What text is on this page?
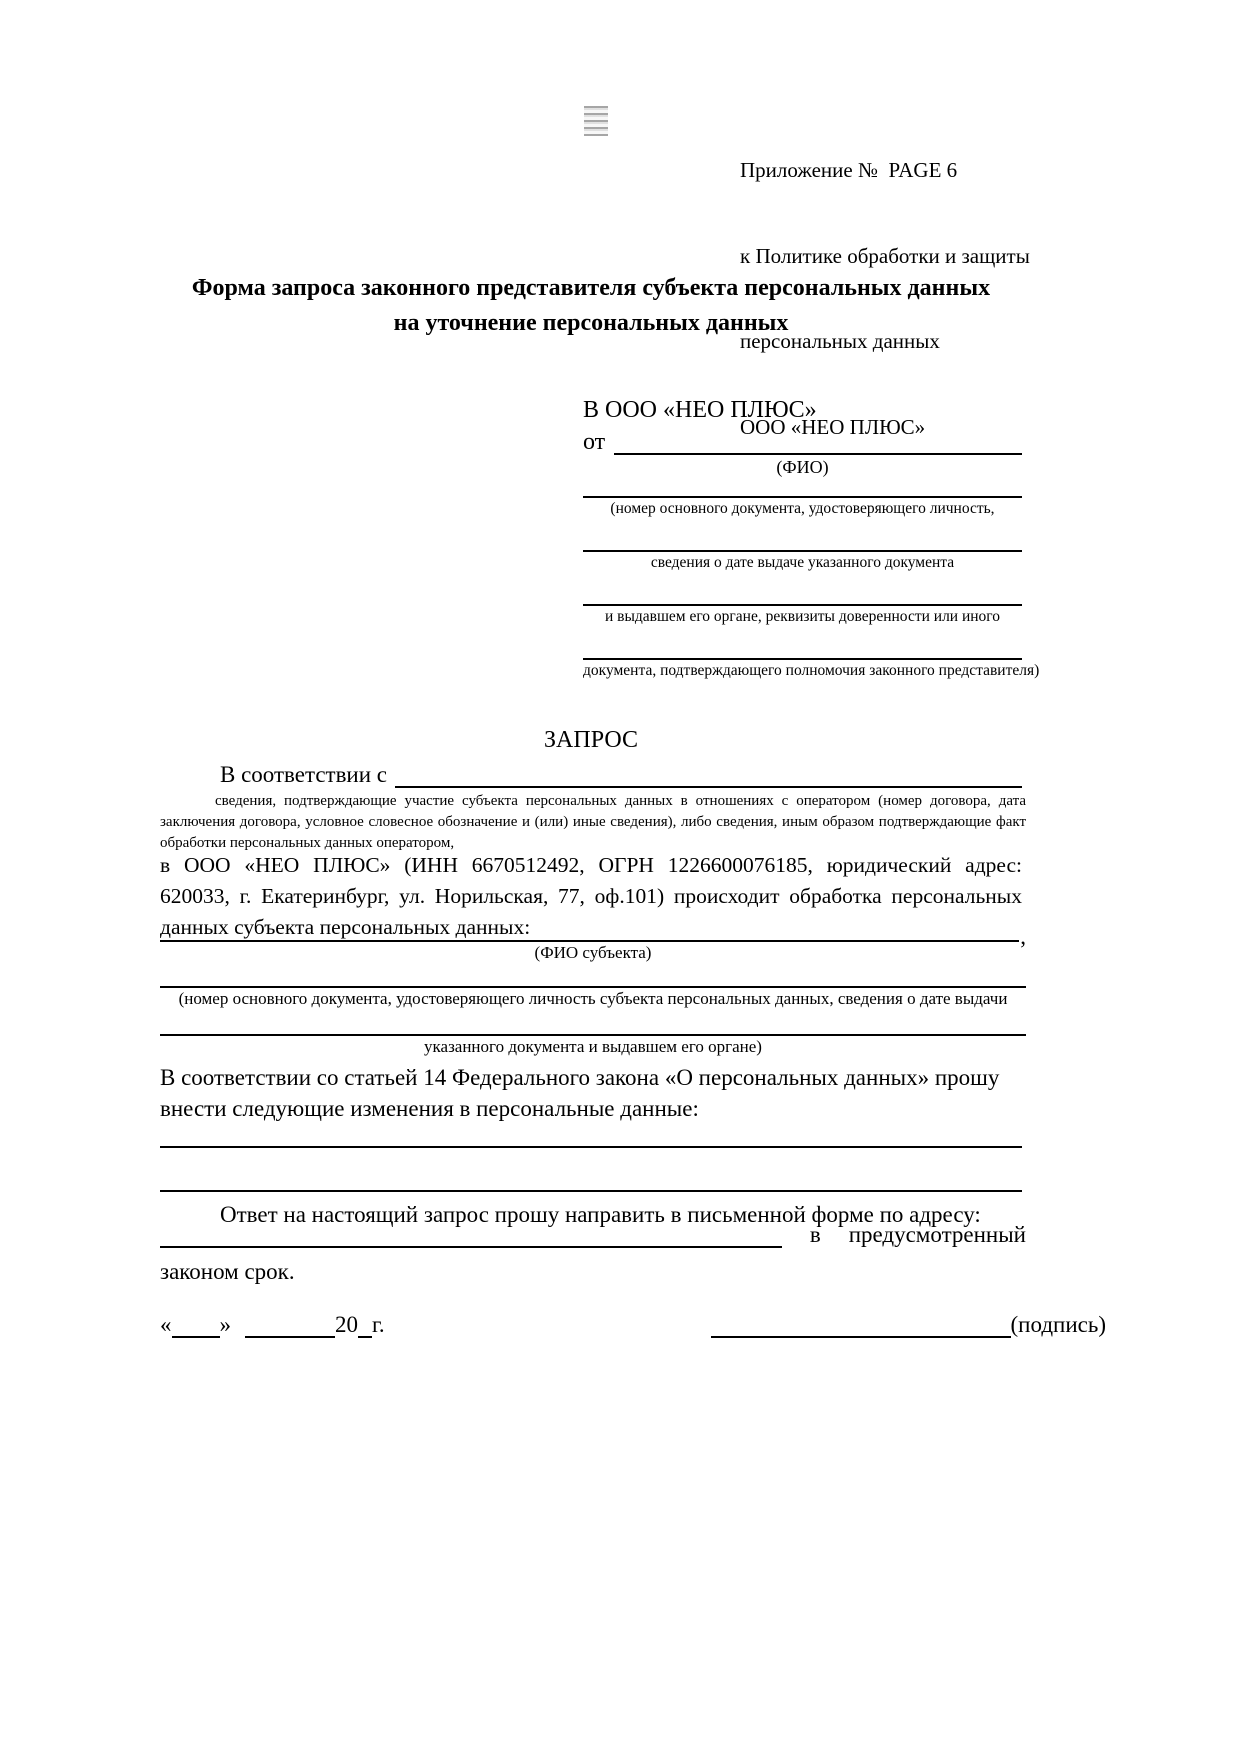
Приложение №  PAGE 6

к Политике обработки и защиты

персональных данных

ООО «НЕО ПЛЮС»

Форма запроса законного представителя субъекта персональных данных
на уточнение персональных данных
В ООО «НЕО ПЛЮС»
от
(ФИО)
(номер основного документа, удостоверяющего личность,
сведения о дате выдаче указанного документа
и выдавшем его органе, реквизиты доверенности или иного
документа, подтверждающего полномочия законного представителя)
ЗАПРОС
В соответствии с
сведения, подтверждающие участие субъекта персональных данных в отношениях с оператором (номер договора, дата
заключения договора, условное словесное обозначение и (или) иные сведения), либо сведения, иным образом подтверждающие факт
обработки персональных данных оператором,
в ООО «НЕО ПЛЮС» (ИНН 6670512492, ОГРН 1226600076185, юридический адрес:
620033, г. Екатеринбург, ул. Норильская, 77, оф.101) происходит обработка персональных
данных субъекта персональных данных:	,
(ФИО субъекта)
(номер основного документа, удостоверяющего личность субъекта персональных данных, сведения о дате выдачи
указанного документа и выдавшем его органе)
В соответствии со статьей 14 Федерального закона «О персональных данных» прошу
внести следующие изменения в персональные данные:
Ответ на настоящий запрос прошу направить в письменной форме по адресу:
в предусмотренный
законом срок.
« »	20 г.	(подпись)
